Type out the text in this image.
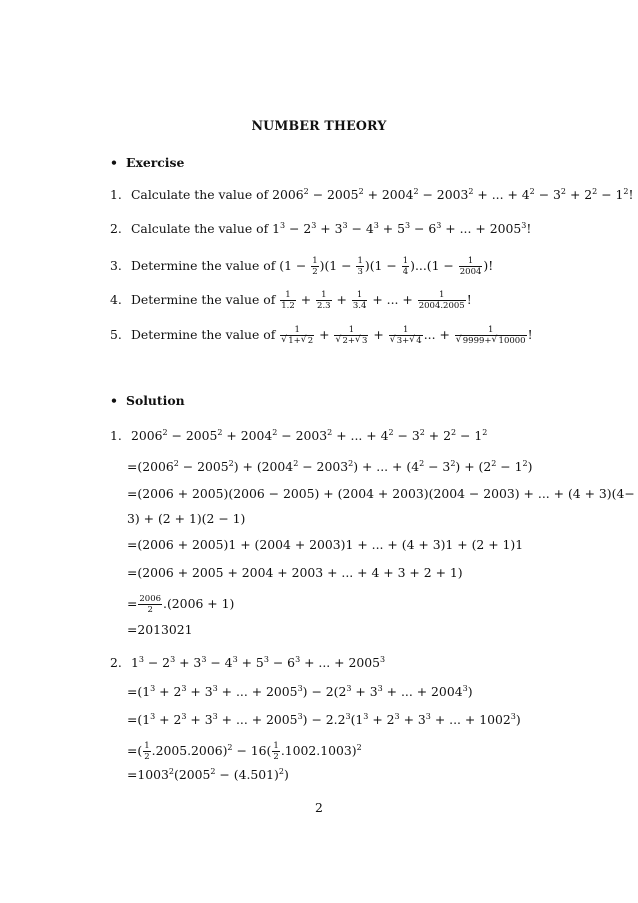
NUMBER THEORY
• Exercise
1. Calculate the value of $2006^2 - 2005^2 + 2004^2 - 2003^2$ + ... + $4^2 - 3^2 + 2^2 - 1^2$!
2. Calculate the value of $1^3 - 2^3 + 3^3 - 4^3 + 5^3 - 6^3$ + ... + $2005^3$!
3. Determine the value of $(1 - \frac{1}{2} )(1 - \frac{1}{3} )(1 - \frac{1}{4} )...(1 - \frac{1}{2004}$ )!
4. Determine the value of $\frac{1}{1.2} + \frac{1}{2.3} + \frac{1}{3.4}$ + ... + $\frac{1}{2004.2005}$ !
5. Determine the value of 1
√ 1+ √ 2 + 1
√ 2+ √ 3 + 1
√ 3+ √ 4 ... + 1
√ 9999+ √ 10000 !
• Solution
1. $2006^2 - 2005^2 + 2004^2 - 2003^2$ + ... + $4^2 - 3^2 + 2^2 - 1^2$
$=(2006^2 - 2005^2) + (2004^2 - 2003^2)$ + ... + $(4^2 - 3^2) + (2^2 - 1^2)$
=(2006 + 2005)(2006 − 2005) + (2004 + 2003)(2004 − 2003) + ... + (4 + 3)(4−
3) + (2 + 1)(2 − 1)
=(2006 + 2005)1 + (2004 + 2003)1 + ... + (4 + 3)1 + (2 + 1)1
=(2006 + 2005 + 2004 + 2003 + ... + 4 + 3 + 2 + 1)
= $\frac{2006}{2} .(2006 + 1)$
=2013021
2. $1^3 - 2^3 + 3^3 - 4^3 + 5^3 - 6^3$ + ... + $2005^3$
$=(1^3 + 2^3 + 3^3$ + ... + $2005^3) - 2(2^3 + 3^3$ + ... + $2004^3$)
$=(1^3 + 2^3 + 3^3$ + ... + $2005^3) - 2.2^3(1^3 + 2^3 + 3^3$ + ... + $1002^3$)
=( $\frac{1}{2} .2005.2006)^2 - 16( \frac{1}{2} .1002.1003)^2$
$=1003^2(2005^2 - (4.501)^2)$
2
